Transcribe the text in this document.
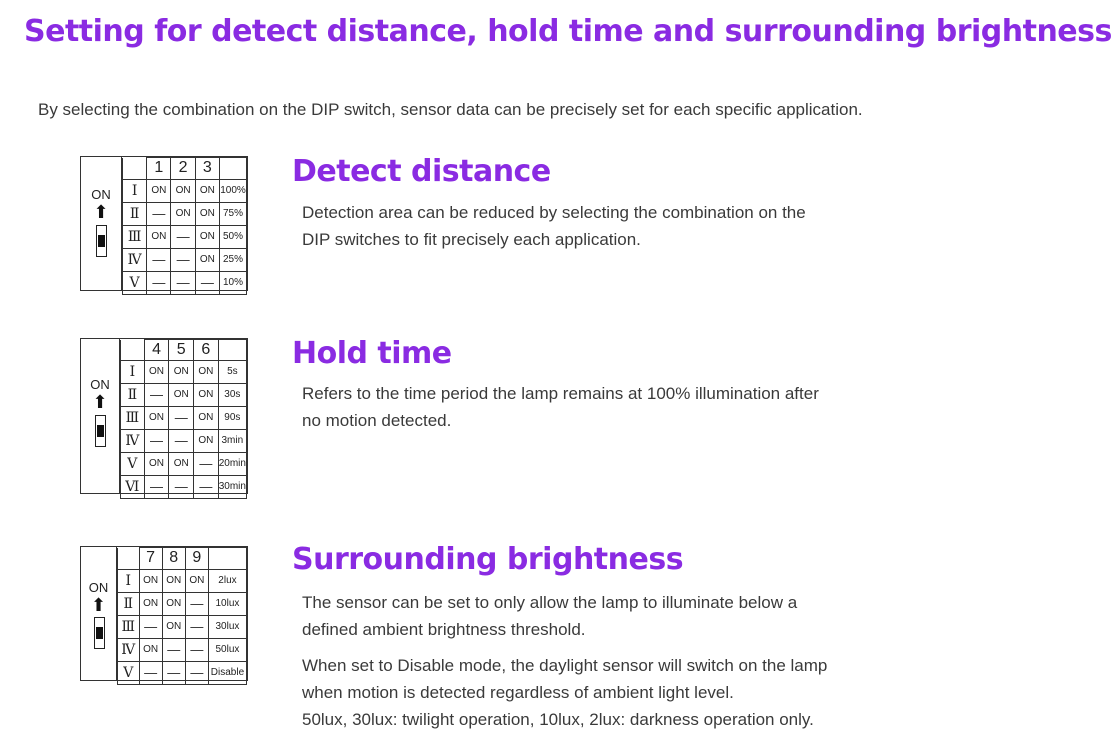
Setting for detect distance, hold time and surrounding brightness

By selecting the combination on the DIP switch, sensor data can be precisely set for each specific application.

ON
⬆
	1	2	3	
Ⅰ	ON	ON	ON	100%
Ⅱ	—	ON	ON	75%
Ⅲ	ON	—	ON	50%
Ⅳ	—	—	ON	25%
Ⅴ	—	—	—	10%
Detect distance

Detection area can be reduced by selecting the combination on the

DIP switches to fit precisely each application.

ON
⬆
	4	5	6	
Ⅰ	ON	ON	ON	5s
Ⅱ	—	ON	ON	30s
Ⅲ	ON	—	ON	90s
Ⅳ	—	—	ON	3min
Ⅴ	ON	ON	—	20min
Ⅵ	—	—	—	30min
Hold time

Refers to the time period the lamp remains at 100% illumination after

no motion detected.

ON
⬆
	7	8	9	
Ⅰ	ON	ON	ON	2lux
Ⅱ	ON	ON	—	10lux
Ⅲ	—	ON	—	30lux
Ⅳ	ON	—	—	50lux
Ⅴ	—	—	—	Disable
Surrounding brightness

The sensor can be set to only allow the lamp to illuminate below a

defined ambient brightness threshold.

When set to Disable mode, the daylight sensor will switch on the lamp

when motion is detected regardless of ambient light level.

50lux, 30lux: twilight operation, 10lux, 2lux: darkness operation only.
